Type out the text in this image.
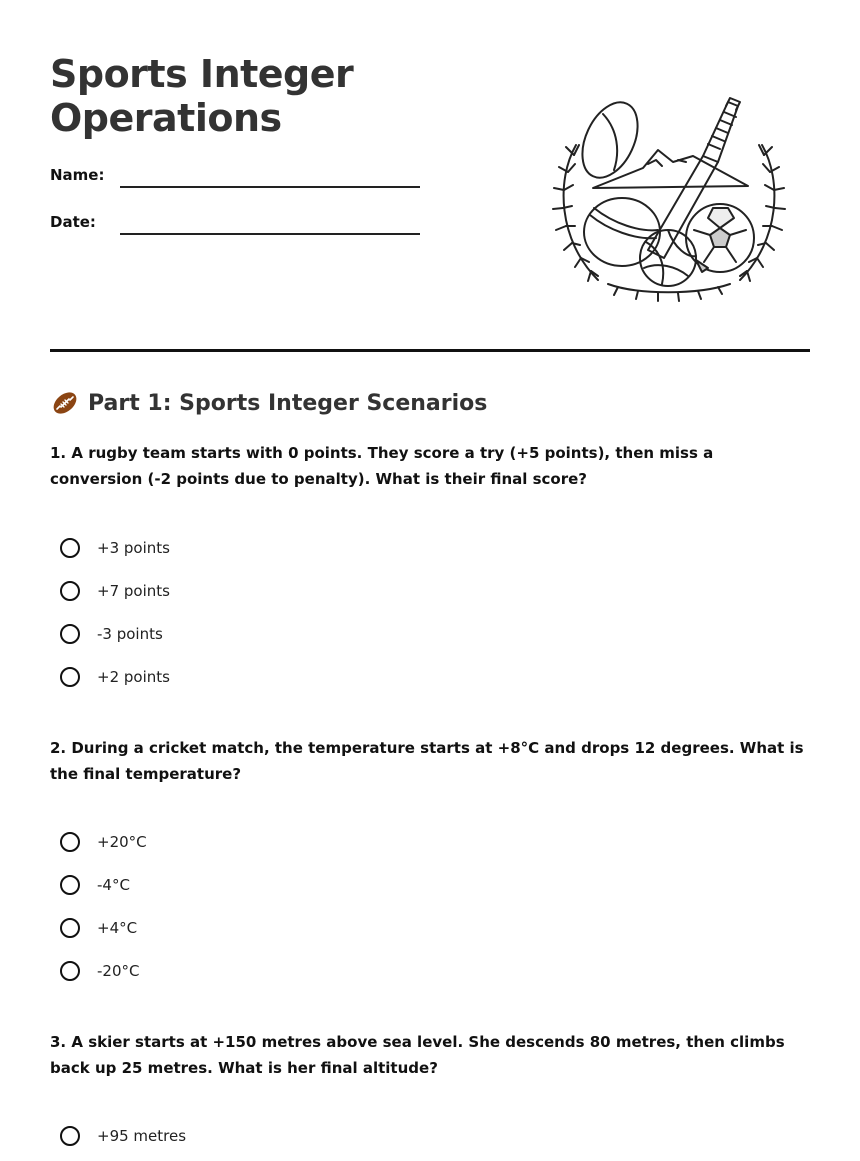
Sports Integer Operations
Name:
Date:
Part 1: Sports Integer Scenarios

1. A rugby team starts with 0 points. They score a try (+5 points), then miss a conversion (-2 points due to penalty). What is their final score?

+3 points
+7 points
-3 points
+2 points

2. During a cricket match, the temperature starts at +8°C and drops 12 degrees. What is the final temperature?

+20°C
-4°C
+4°C
-20°C

3. A skier starts at +150 metres above sea level. She descends 80 metres, then climbs back up 25 metres. What is her final altitude?

+95 metres
